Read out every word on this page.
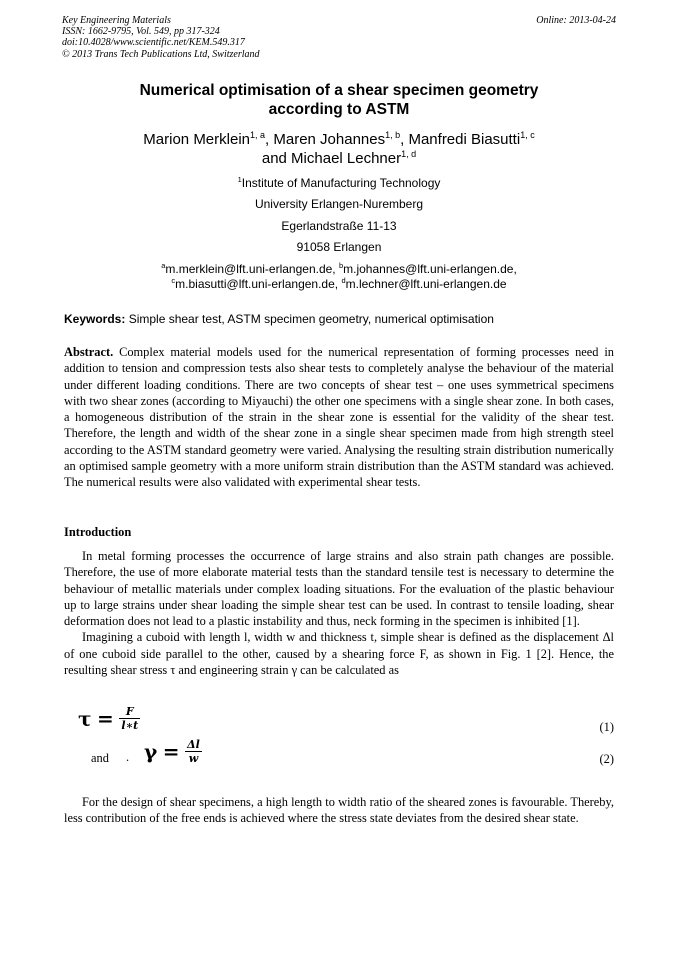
Key Engineering Materials
ISSN: 1662-9795, Vol. 549, pp 317-324
doi:10.4028/www.scientific.net/KEM.549.317
© 2013 Trans Tech Publications Ltd, Switzerland
Online: 2013-04-24
Numerical optimisation of a shear specimen geometry
according to ASTM
Marion Merklein$^{1, a}$, Maren Johannes$^{1, b}$, Manfredi Biasutti$^{1, c}$
and Michael Lechner$^{1, d}$
$^1$Institute of Manufacturing Technology
University Erlangen-Nuremberg
Egerlandstraße 11-13
91058 Erlangen
$^a$m.merklein@lft.uni-erlangen.de, $^b$m.johannes@lft.uni-erlangen.de,
$^c$m.biasutti@lft.uni-erlangen.de, $^d$m.lechner@lft.uni-erlangen.de
Keywords: Simple shear test, ASTM specimen geometry, numerical optimisation
Abstract. Complex material models used for the numerical representation of forming processes need in addition to tension and compression tests also shear tests to completely analyse the behaviour of the material under different loading conditions. There are two concepts of shear test – one uses symmetrical specimens with two shear zones (according to Miyauchi) the other one specimens with a single shear zone. In both cases, a homogeneous distribution of the strain in the shear zone is essential for the validity of the shear test. Therefore, the length and width of the shear zone in a single shear specimen made from high strength steel according to the ASTM standard geometry were varied. Analysing the resulting strain distribution numerically an optimised sample geometry with a more uniform strain distribution than the ASTM standard was achieved. The numerical results were also validated with experimental shear tests.
Introduction

In metal forming processes the occurrence of large strains and also strain path changes are possible. Therefore, the use of more elaborate material tests than the standard tensile test is necessary to determine the behaviour of metallic materials under complex loading situations. For the evaluation of the plastic behaviour up to large strains under shear loading the simple shear test can be used. In contrast to tensile loading, shear deformation does not lead to a plastic instability and thus, neck forming in the specimen is inhibited [1].

Imagining a cuboid with length l, width w and thickness t, simple shear is defined as the displacement Δl of one cuboid side parallel to the other, caused by a shearing force F, as shown in Fig. 1 [2]. Hence, the resulting shear stress τ and engineering strain γ can be calculated as

$\tau = \frac{F}{l∗t}$	(1)
and . $\gamma = \frac{\Delta l}{w}$	(2)

For the design of shear specimens, a high length to width ratio of the sheared zones is favourable. Thereby, less contribution of the free ends is achieved where the stress state deviates from the desired shear state.
